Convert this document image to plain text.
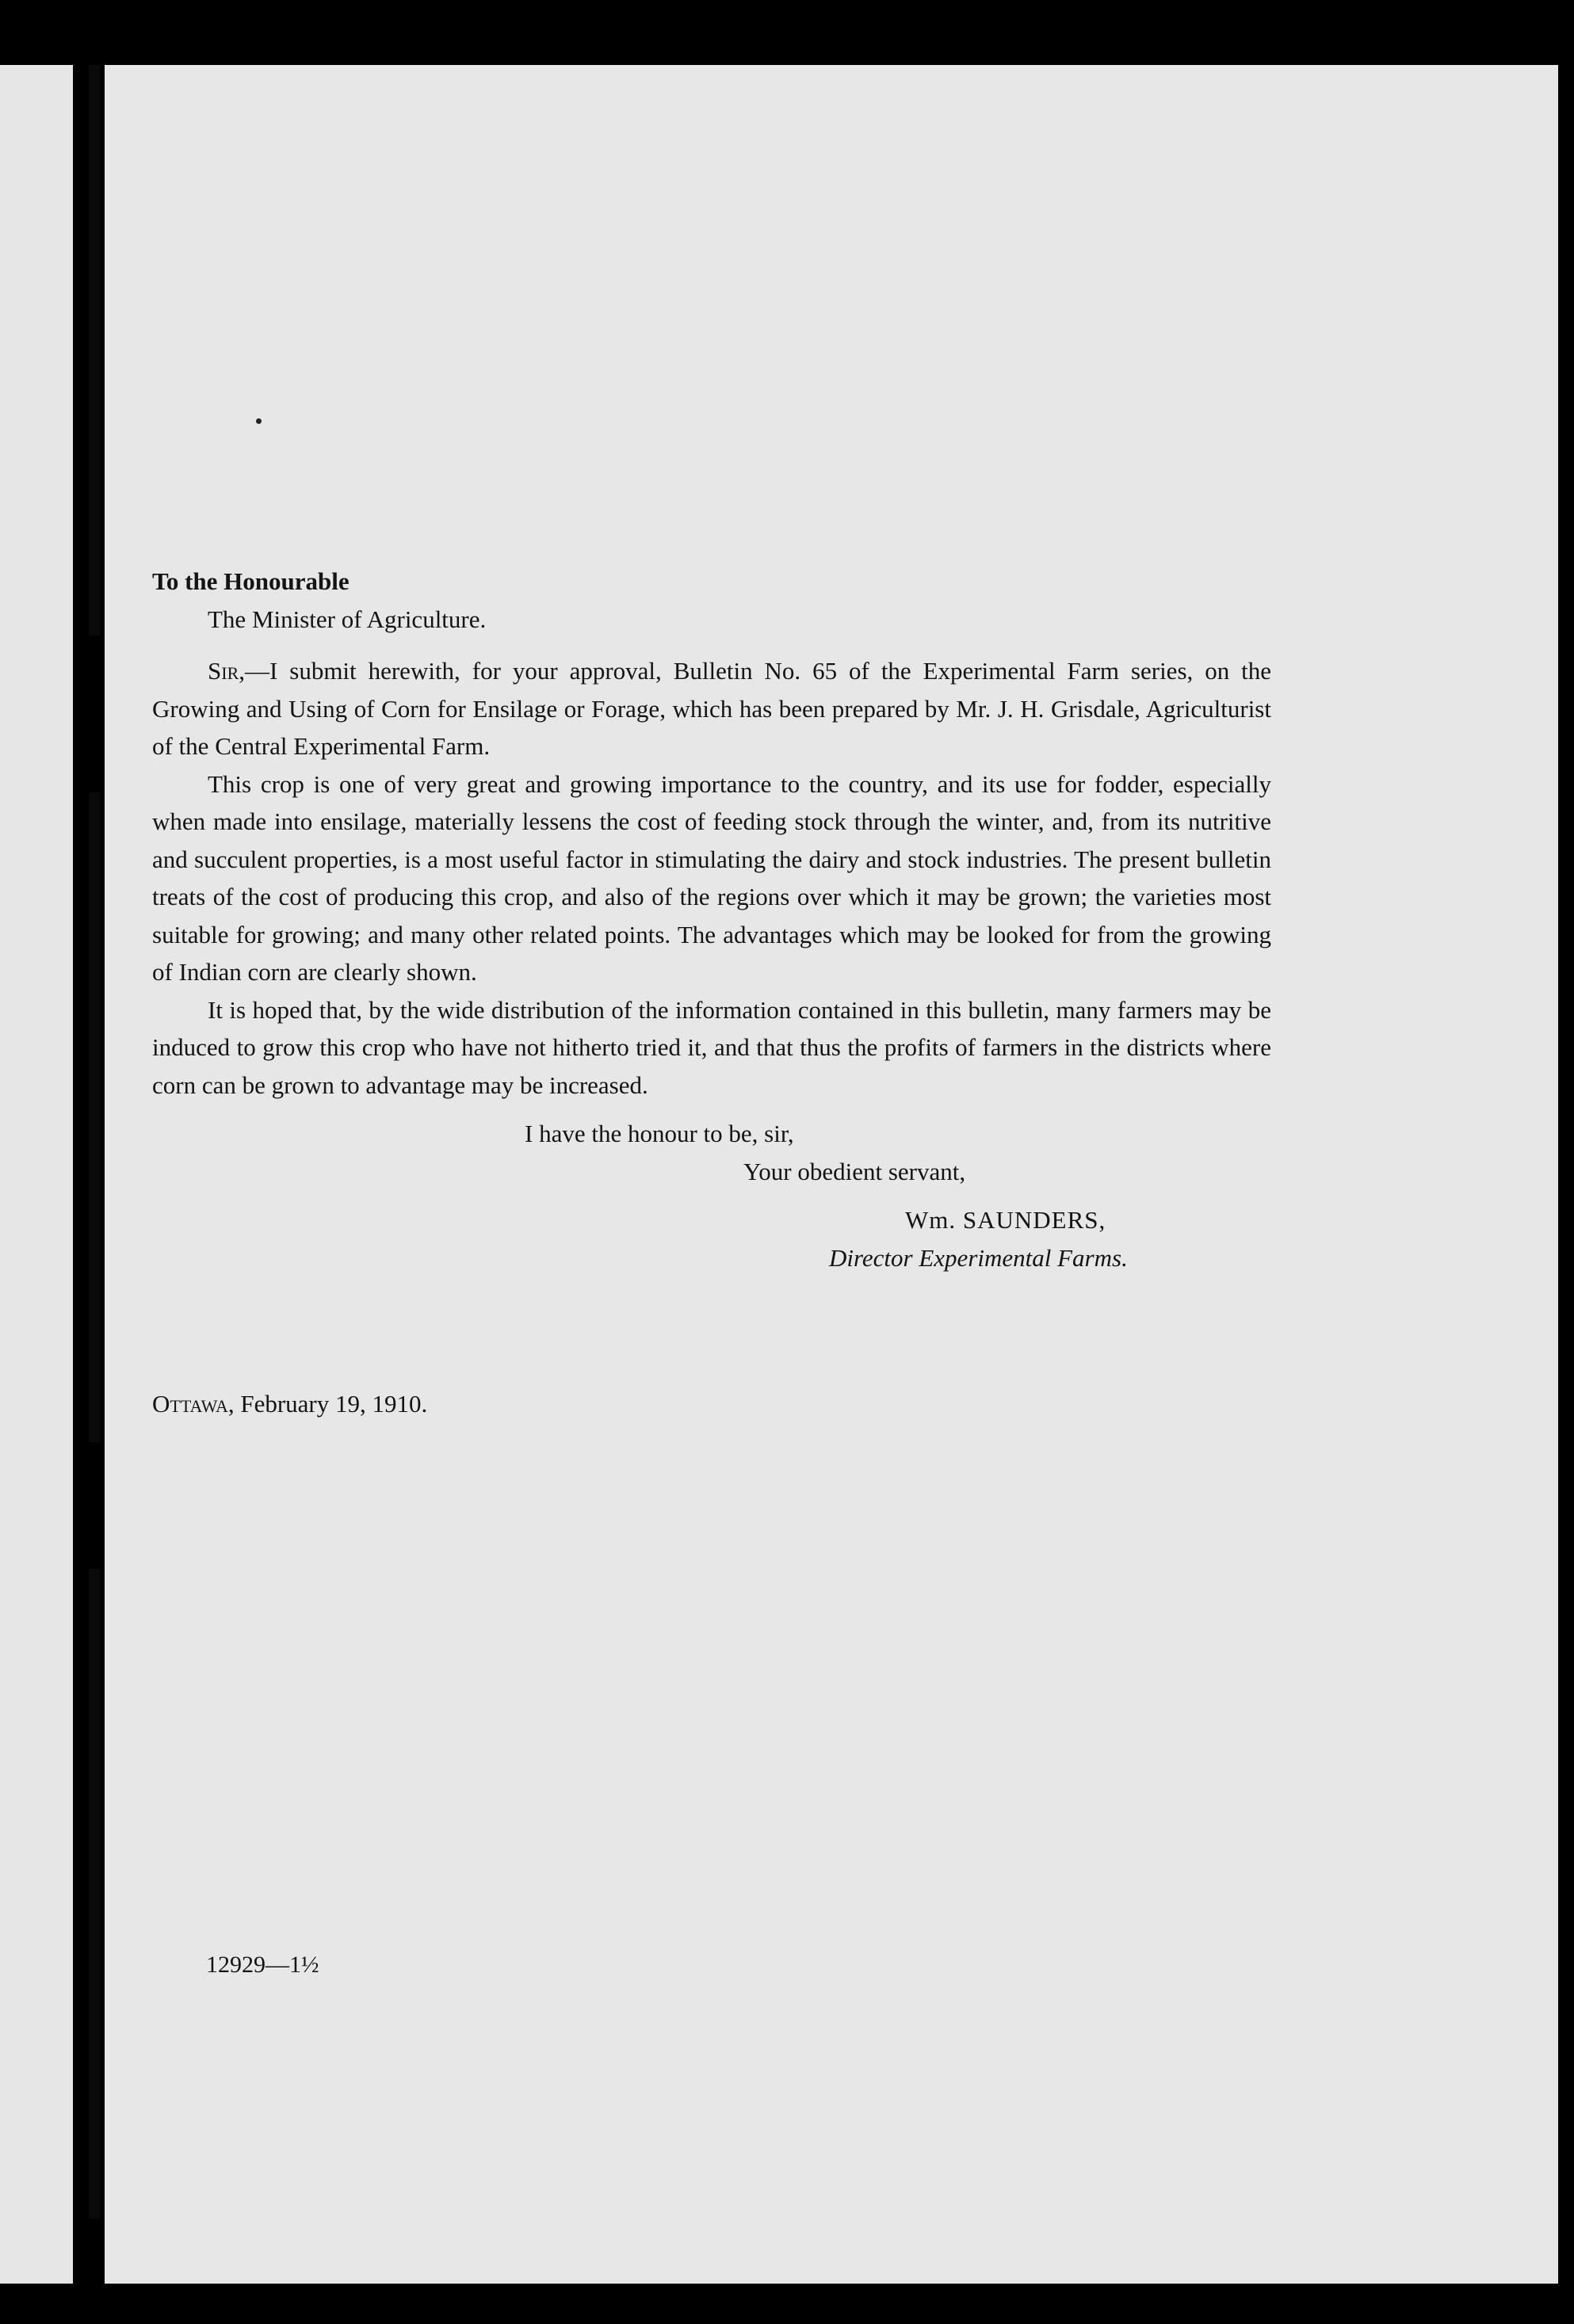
To the Honourable

The Minister of Agriculture.

Sir,—I submit herewith, for your approval, Bulletin No. 65 of the Experimental Farm series, on the Growing and Using of Corn for Ensilage or Forage, which has been prepared by Mr. J. H. Grisdale, Agriculturist of the Central Experimental Farm.

This crop is one of very great and growing importance to the country, and its use for fodder, especially when made into ensilage, materially lessens the cost of feeding stock through the winter, and, from its nutritive and succulent properties, is a most useful factor in stimulating the dairy and stock industries. The present bulletin treats of the cost of producing this crop, and also of the regions over which it may be grown; the varieties most suitable for growing; and many other related points. The advantages which may be looked for from the growing of Indian corn are clearly shown.

It is hoped that, by the wide distribution of the information contained in this bulletin, many farmers may be induced to grow this crop who have not hitherto tried it, and that thus the profits of farmers in the districts where corn can be grown to advantage may be increased.

I have the honour to be, sir,

Your obedient servant,

Wm. SAUNDERS,

Director Experimental Farms.

Ottawa, February 19, 1910.
12929—1½
